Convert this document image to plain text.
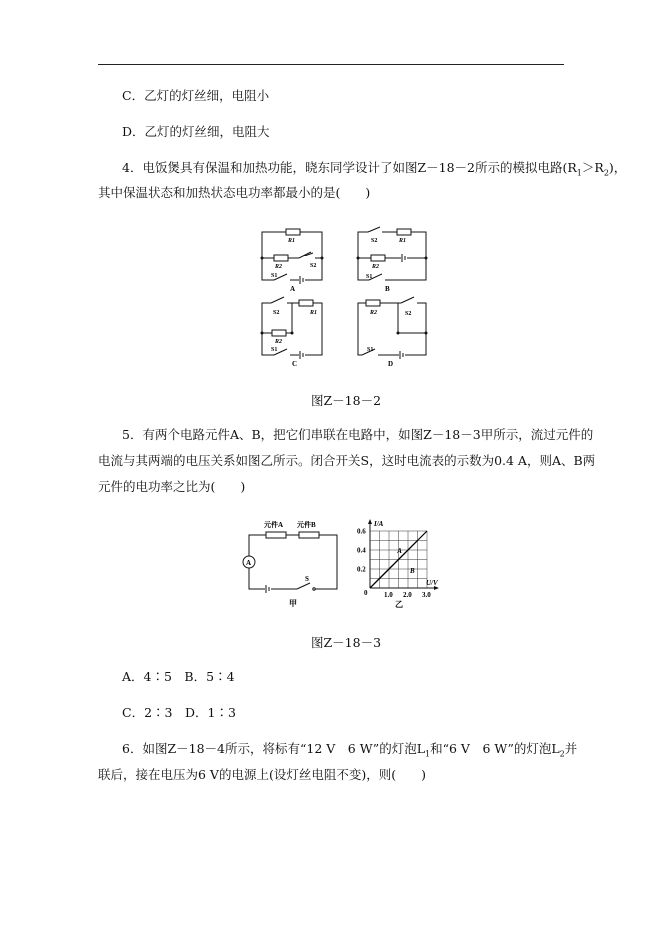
C．乙灯的灯丝细，电阻小
D．乙灯的灯丝细，电阻大
4．电饭煲具有保温和加热功能，晓东同学设计了如图Z－18－2所示的模拟电路$(R_1>R_2)$，
其中保温状态和加热状态电功率都最小的是(　　)
R1
R2	S2
S1
A
S2	R1
R2
S1
B
S2	R1
R2
S1
C
R2	S2
S1
D
图Z－18－2
5．有两个电路元件A、B，把它们串联在电路中，如图Z－18－3甲所示，流过元件的
电流与其两端的电压关系如图乙所示。闭合开关S，这时电流表的示数为0.4 A，则A、B两
元件的电功率之比为(　　)
A
元件A 元件B
S
甲
A
B
0.2
0.4
0.6
1.0 2.0 3.0
I/A
U/V
0
乙
图Z－18－3
A．4∶5　B．5∶4
C．2∶3　D．1∶3
6．如图Z－18－4所示，将标有“12 V　6 W”的灯泡$L_1$和“6 V　6 W”的灯泡$L_2$并
联后，接在电压为6 V的电源上(设灯丝电阻不变)，则(　　)
